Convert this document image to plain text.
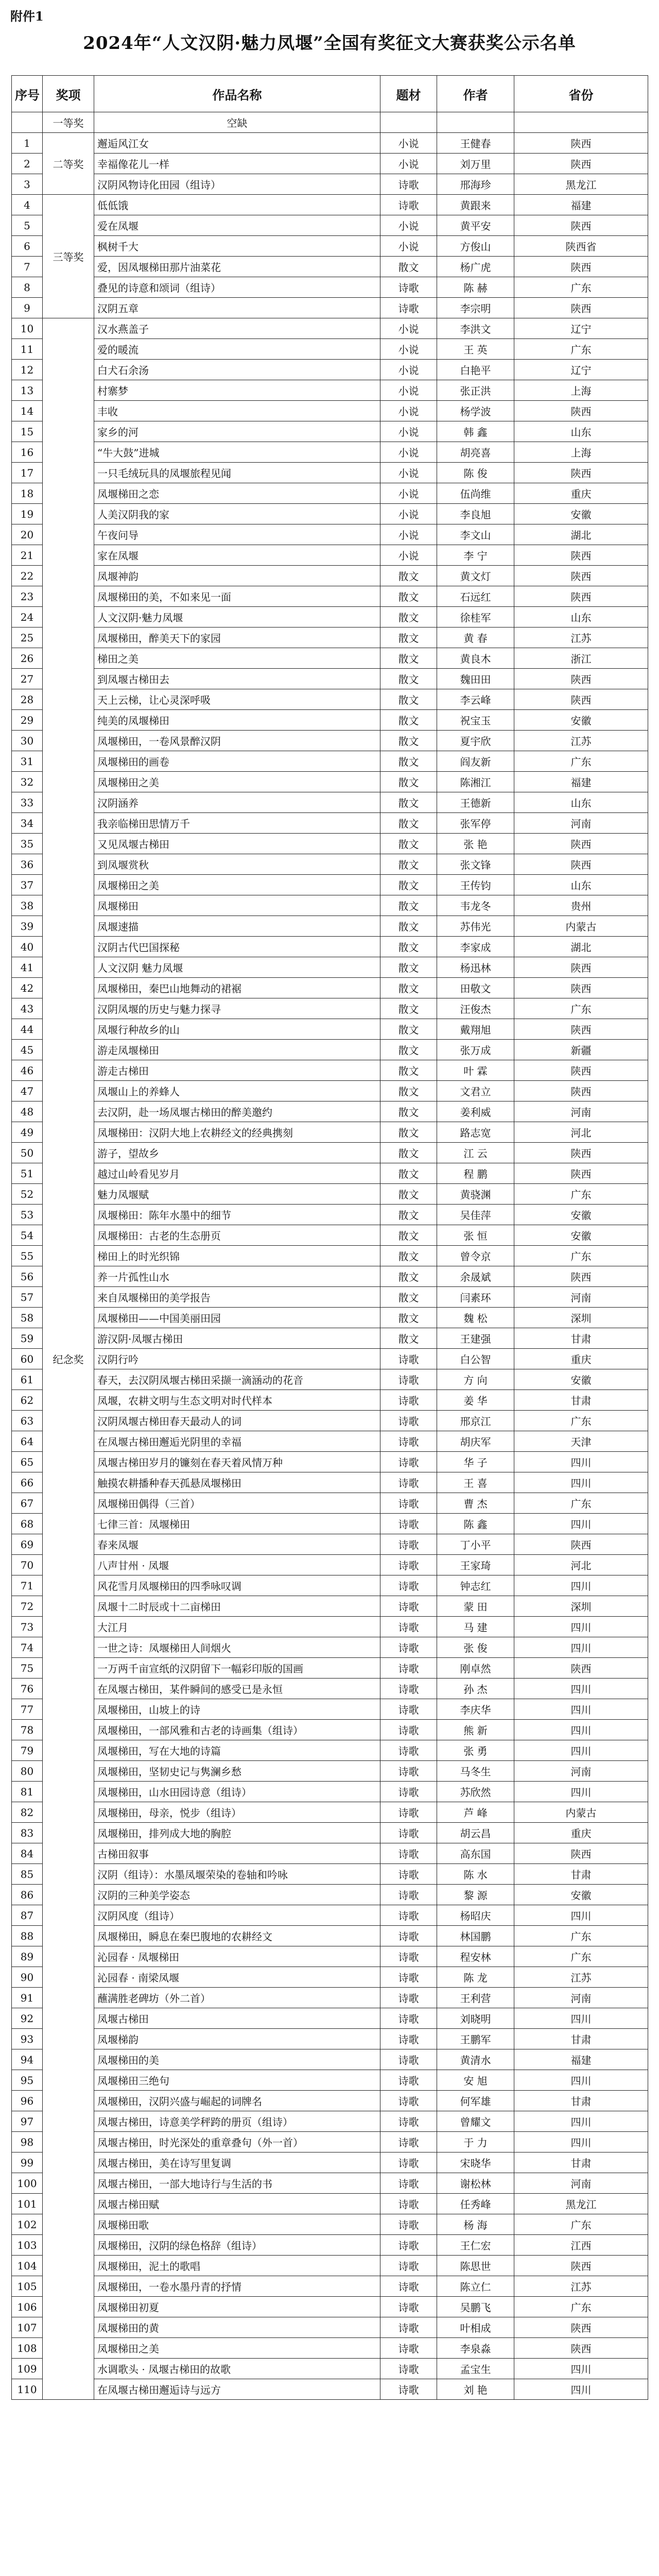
附件1
2024年“人文汉阴·魅力凤堰”全国有奖征文大赛获奖公示名单
序号	奖项	作品名称	题材	作者	省份
	一等奖	空缺			
1	二等奖	邂逅风江女	小说	王健春	陕西
2		幸福像花儿一样	小说	刘万里	陕西
3		汉阴风物诗化田园（组诗）	诗歌	邢海珍	黑龙江
4	三等奖	低低饿	诗歌	黄跟来	福建
5		爱在凤堰	小说	黄平安	陕西
6		枫树千大	小说	方俊山	陕西省
7		爱，因凤堰梯田那片油菜花	散文	杨广虎	陕西
8		叠见的诗意和颂词（组诗）	诗歌	陈 赫	广东
9		汉阴五章	诗歌	李宗明	陕西
10	纪念奖	汉水燕盖子	小说	李洪文	辽宁
11		爱的暖流	小说	王 英	广东
12		白犬石余汤	小说	白艳平	辽宁
13		村寨梦	小说	张正洪	上海
14		丰收	小说	杨学波	陕西
15		家乡的河	小说	韩 鑫	山东
16		“牛大鼓”进城	小说	胡亮喜	上海
17		一只毛绒玩具的凤堰旅程见闻	小说	陈 俊	陕西
18		凤堰梯田之恋	小说	伍尚维	重庆
19		人美汉阴我的家	小说	李良旭	安徽
20		午夜问导	小说	李文山	湖北
21		家在凤堰	小说	李 宁	陕西
22		凤堰神韵	散文	黄文灯	陕西
23		凤堰梯田的美，不如来见一面	散文	石远红	陕西
24		人文汉阴·魅力凤堰	散文	徐桂军	山东
25		凤堰梯田，醉美天下的家园	散文	黄 春	江苏
26		梯田之美	散文	黄良木	浙江
27		到凤堰古梯田去	散文	魏田田	陕西
28		天上云梯，让心灵深呼吸	散文	李云峰	陕西
29		纯美的凤堰梯田	散文	祝宝玉	安徽
30		凤堰梯田，一卷风景醉汉阴	散文	夏宇欣	江苏
31		凤堰梯田的画卷	散文	阎友新	广东
32		凤堰梯田之美	散文	陈湘江	福建
33		汉阴涵养	散文	王德新	山东
34		我亲临梯田思情万千	散文	张军停	河南
35		又见凤堰古梯田	散文	张 艳	陕西
36		到凤堰赏秋	散文	张文锋	陕西
37		凤堰梯田之美	散文	王传钧	山东
38		凤堰梯田	散文	韦龙冬	贵州
39		凤堰速描	散文	苏伟光	内蒙古
40		汉阴古代巴国探秘	散文	李家成	湖北
41		人文汉阴 魅力凤堰	散文	杨迅林	陕西
42		凤堰梯田，秦巴山地舞动的裙裾	散文	田敬文	陕西
43		汉阴凤堰的历史与魅力探寻	散文	汪俊杰	广东
44		凤堰行种故乡的山	散文	戴翔旭	陕西
45		游走凤堰梯田	散文	张万成	新疆
46		游走古梯田	散文	叶 霖	陕西
47		凤堰山上的养蜂人	散文	文君立	陕西
48		去汉阴，赴一场凤堰古梯田的醉美邀约	散文	姜利威	河南
49		凤堰梯田：汉阴大地上农耕经文的经典携刻	散文	路志宽	河北
50		游子，望故乡	散文	江 云	陕西
51		越过山岭看见岁月	散文	程 鹏	陕西
52		魅力凤堰赋	散文	黄骁渊	广东
53		凤堰梯田：陈年水墨中的细节	散文	吴佳萍	安徽
54		凤堰梯田：古老的生态册页	散文	张 恒	安徽
55		梯田上的时光织锦	散文	曾令京	广东
56		养一片孤性山水	散文	余晟斌	陕西
57		来自凤堰梯田的美学报告	散文	闫素环	河南
58		凤堰梯田——中国美丽田园	散文	魏 松	深圳
59		游汉阴·凤堰古梯田	散文	王建强	甘肃
60		汉阴行吟	诗歌	白公智	重庆
61		春天，去汉阴凤堰古梯田采撷一滴涵动的花音	诗歌	方 向	安徽
62		凤堰，农耕文明与生态文明对时代样本	诗歌	姜 华	甘肃
63		汉阴凤堰古梯田春天最动人的词	诗歌	邢京江	广东
64		在凤堰古梯田邂逅光阴里的幸福	诗歌	胡庆军	天津
65		凤堰古梯田岁月的镰刻在春天着风情万种	诗歌	华 子	四川
66		触摸农耕播种春天孤悬凤堰梯田	诗歌	王 喜	四川
67		凤堰梯田偶得（三首）	诗歌	曹 杰	广东
68		七律三首：凤堰梯田	诗歌	陈 鑫	四川
69		春来凤堰	诗歌	丁小平	陕西
70		八声甘州 · 凤堰	诗歌	王家琦	河北
71		风花雪月凤堰梯田的四季咏叹调	诗歌	钟志红	四川
72		凤堰十二时辰或十二亩梯田	诗歌	蒙 田	深圳
73		大江月	诗歌	马 建	四川
74		一世之诗：凤堰梯田人间烟火	诗歌	张 俊	四川
75		一万两千亩宣纸的汉阴留下一幅彩印版的国画	诗歌	刚卓然	陕西
76		在凤堰古梯田，某件瞬间的感受已是永恒	诗歌	孙 杰	四川
77		凤堰梯田，山坡上的诗	诗歌	李庆华	四川
78		凤堰梯田，一部风雅和古老的诗画集（组诗）	诗歌	熊 新	四川
79		凤堰梯田，写在大地的诗篇	诗歌	张 勇	四川
80		凤堰梯田，坚韧史记与隽澜乡愁	诗歌	马冬生	河南
81		凤堰梯田，山水田园诗意（组诗）	诗歌	苏欣然	四川
82		凤堰梯田，母亲，悦步（组诗）	诗歌	芦 峰	内蒙古
83		凤堰梯田，排列成大地的胸腔	诗歌	胡云昌	重庆
84		古梯田叙事	诗歌	高东国	陕西
85		汉阴（组诗）：水墨凤堰荣染的卷轴和吟咏	诗歌	陈 水	甘肃
86		汉阴的三种美学姿态	诗歌	黎 源	安徽
87		汉阴风度（组诗）	诗歌	杨昭庆	四川
88		凤堰梯田，瞬息在秦巴腹地的农耕经文	诗歌	林国鹏	广东
89		沁园春 · 凤堰梯田	诗歌	程安林	广东
90		沁园春 · 南梁凤堰	诗歌	陈 龙	江苏
91		蘸满胜老碑坊（外二首）	诗歌	王利营	河南
92		凤堰古梯田	诗歌	刘晓明	四川
93		凤堰梯韵	诗歌	王鹏军	甘肃
94		凤堰梯田的美	诗歌	黄清水	福建
95		凤堰梯田三绝句	诗歌	安 旭	四川
96		凤堰梯田，汉阴兴盛与崛起的词牌名	诗歌	何军雄	甘肃
97		凤堰古梯田，诗意美学秤跨的册页（组诗）	诗歌	曾耀文	四川
98		凤堰古梯田，时光深处的重章叠句（外一首）	诗歌	于 力	四川
99		凤堰古梯田，美在诗写里复调	诗歌	宋晓华	甘肃
100		凤堰古梯田，一部大地诗行与生活的书	诗歌	谢松林	河南
101		凤堰古梯田赋	诗歌	任秀峰	黑龙江
102		凤堰梯田歌	诗歌	杨 海	广东
103		凤堰梯田，汉阴的绿色格辞（组诗）	诗歌	王仁宏	江西
104		凤堰梯田，泥土的歌唱	诗歌	陈思世	陕西
105		凤堰梯田，一卷水墨丹青的抒情	诗歌	陈立仁	江苏
106		凤堰梯田初夏	诗歌	吴鹏飞	广东
107		凤堰梯田的黄	诗歌	叶相成	陕西
108		凤堰梯田之美	诗歌	李泉淼	陕西
109		水调歌头 · 凤堰古梯田的故歌	诗歌	孟宝生	四川
110		在凤堰古梯田邂逅诗与远方	诗歌	刘 艳	四川
